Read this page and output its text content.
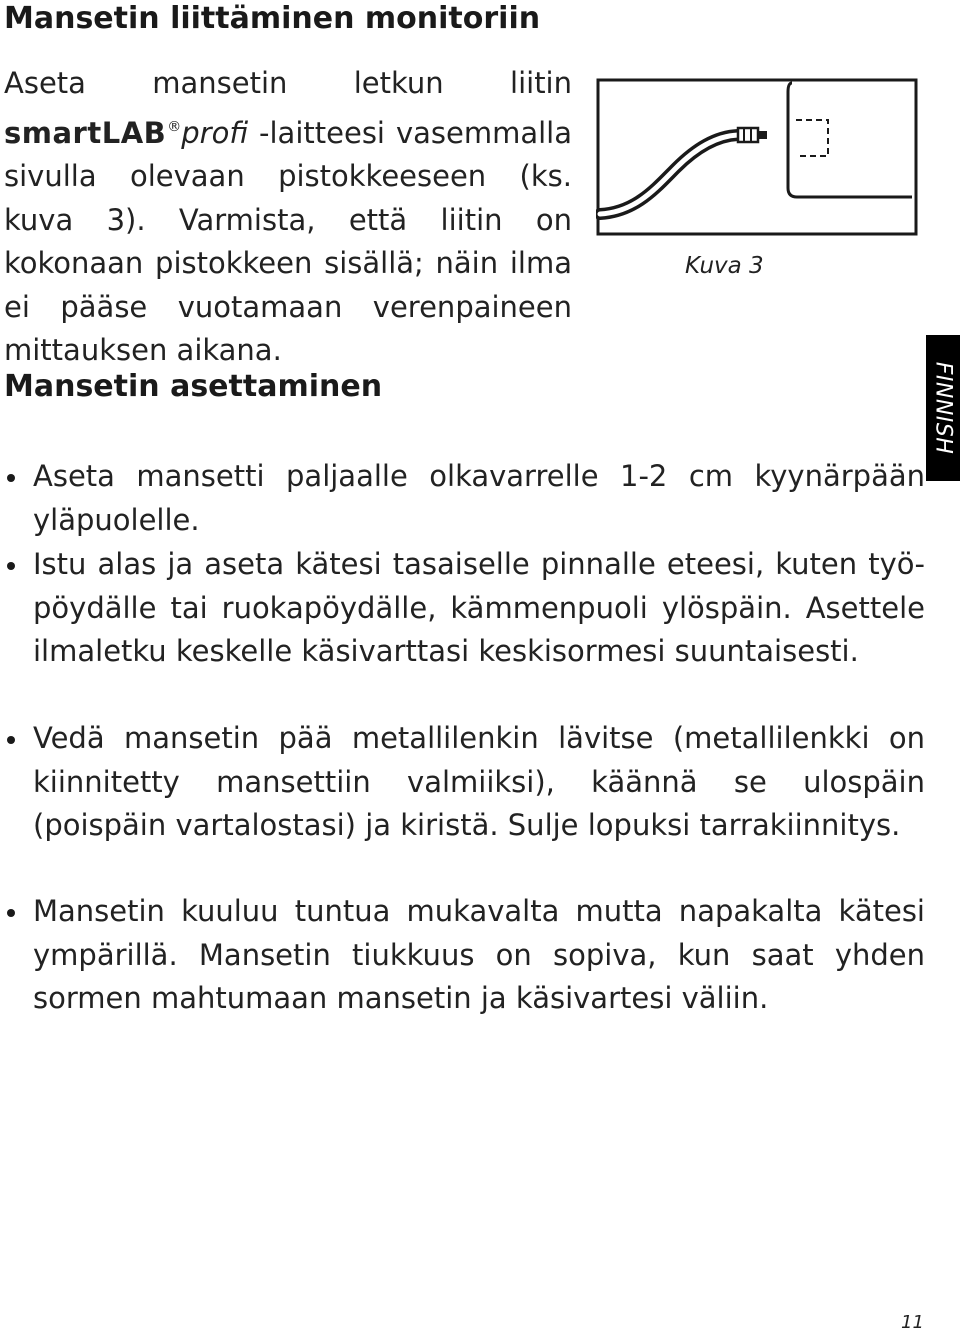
Mansetin liittäminen monitoriin

Aseta mansetin letkun liitin smartLAB®profi -laitteesi vasemmalla sivulla olevaan pistokkeeseen (ks. kuva 3). Varmista, että liitin on kokonaan pistokkeen sisällä; näin ilma ei pääse vuotamaan verenpaineen mittauksen aikana.

Kuva 3
FINNISH
Mansetin asettaminen
Aseta mansetti paljaalle olkavarrelle 1-2 cm kyynärpään yläpuolelle.
Istu alas ja aseta kätesi tasaiselle pinnalle eteesi, kuten työpöydälle tai ruokapöydälle, kämmenpuoli ylöspäin. Asettele ilmaletku keskelle käsivarttasi keskisormesi suuntaisesti.
Vedä mansetin pää metallilenkin lävitse (metallilenkki on kiinnitetty mansettiin valmiiksi), käännä se ulospäin (poispäin vartalostasi) ja kiristä. Sulje lopuksi tarrakiinnitys.
Mansetin kuuluu tuntua mukavalta mutta napakalta kätesi ympärillä. Mansetin tiukkuus on sopiva, kun saat yhden sormen mahtumaan mansetin ja käsivartesi väliin.
11
